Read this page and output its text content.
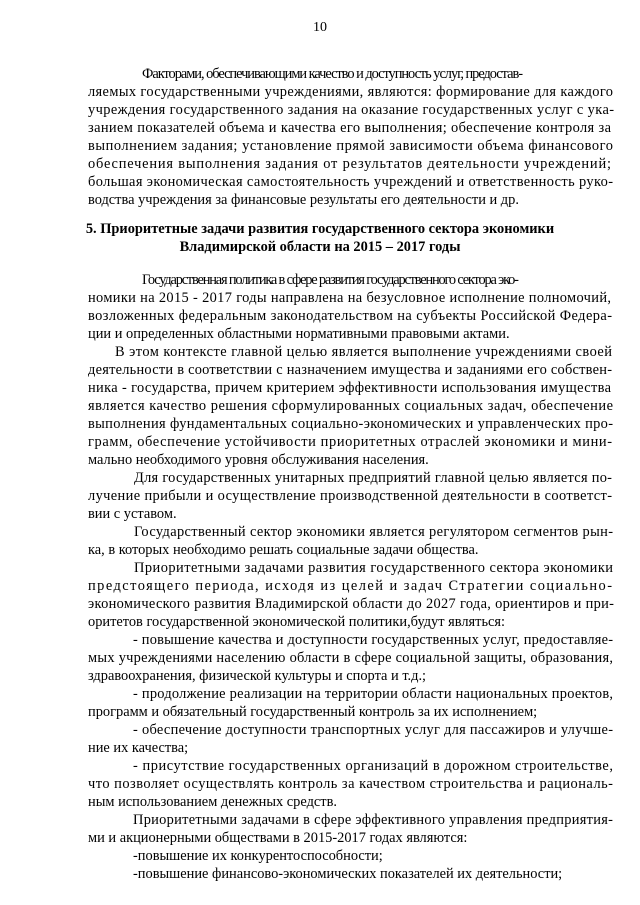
10
Факторами, обеспечивающими качество и доступность услуг, предостав-
ляемых государственными учреждениями, являются: формирование для каждого
учреждения государственного задания на оказание государственных услуг с ука-
занием показателей объема и качества его выполнения; обеспечение контроля за
выполнением задания; установление прямой зависимости объема финансового
обеспечения выполнения задания от результатов деятельности учреждений;
большая экономическая самостоятельность учреждений и ответственность руко-
водства учреждения за финансовые результаты его деятельности и др.
5. Приоритетные задачи развития государственного сектора экономики
Владимирской области на 2015 – 2017 годы
Государственная политика в сфере развития государственного сектора эко-
номики на 2015 - 2017 годы направлена на безусловное исполнение полномочий,
возложенных федеральным законодательством на субъекты Российской Федера-
ции и определенных областными нормативными правовыми актами.
В этом контексте главной целью является выполнение учреждениями своей
деятельности в соответствии с назначением имущества и заданиями его собствен-
ника - государства, причем критерием эффективности использования имущества
является качество решения сформулированных социальных задач, обеспечение
выполнения фундаментальных социально-экономических и управленческих про-
грамм, обеспечение устойчивости приоритетных отраслей экономики и мини-
мально необходимого уровня обслуживания населения.
Для государственных унитарных предприятий главной целью является по-
лучение прибыли и осуществление производственной деятельности в соответст-
вии с уставом.
Государственный сектор экономики является регулятором сегментов рын-
ка, в которых необходимо решать социальные задачи общества.
Приоритетными задачами развития государственного сектора экономики
предстоящего периода, исходя из целей и задач Стратегии социально-
экономического развития Владимирской области до 2027 года, ориентиров и при-
оритетов государственной экономической политики,будут являться:
- повышение качества и доступности государственных услуг, предоставляе-
мых учреждениями населению области в сфере социальной защиты, образования,
здравоохранения, физической культуры и спорта и т.д.;
- продолжение реализации на территории области национальных проектов,
программ и обязательный государственный контроль за их исполнением;
- обеспечение доступности транспортных услуг для пассажиров и улучше-
ние их качества;
- присутствие государственных организаций в дорожном строительстве,
что позволяет осуществлять контроль за качеством строительства и рациональ-
ным использованием денежных средств.
Приоритетными задачами в сфере эффективного управления предприятия-
ми и акционерными обществами в 2015-2017 годах являются:
-повышение их конкурентоспособности;
-повышение финансово-экономических показателей их деятельности;
